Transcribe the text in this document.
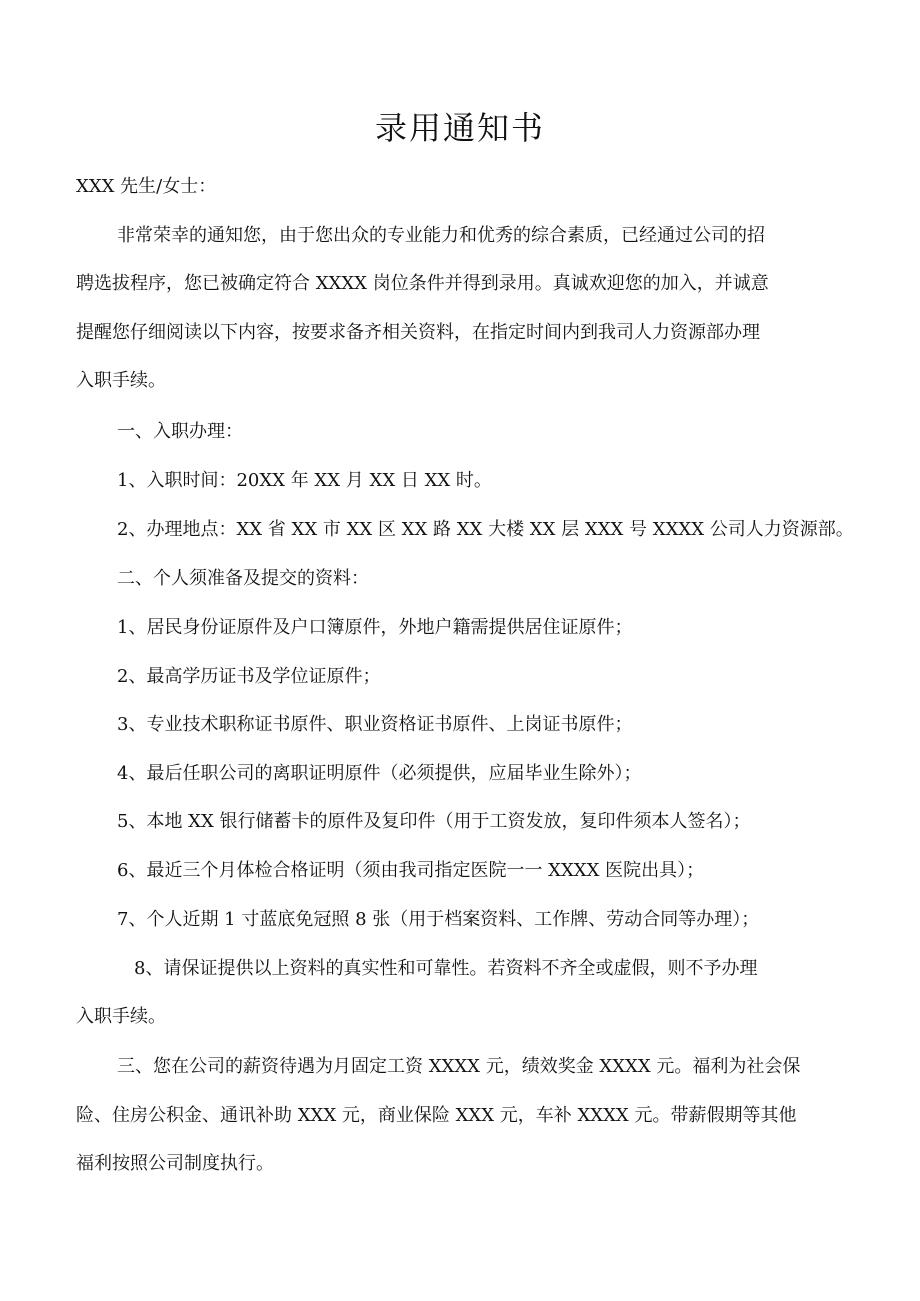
录用通知书
XXX 先生/女士：
非常荣幸的通知您，由于您出众的专业能力和优秀的综合素质，已经通过公司的招
聘选拔程序，您已被确定符合 XXXX 岗位条件并得到录用。真诚欢迎您的加入，并诚意
提醒您仔细阅读以下内容，按要求备齐相关资料，在指定时间内到我司人力资源部办理
入职手续。
一、入职办理：
1、入职时间：20XX 年 XX 月 XX 日 XX 时。
2、办理地点：XX 省 XX 市 XX 区 XX 路 XX 大楼 XX 层 XXX 号 XXXX 公司人力资源部。
二、个人须准备及提交的资料：
1、居民身份证原件及户口簿原件，外地户籍需提供居住证原件；
2、最高学历证书及学位证原件；
3、专业技术职称证书原件、职业资格证书原件、上岗证书原件；
4、最后任职公司的离职证明原件（必须提供，应届毕业生除外）；
5、本地 XX 银行储蓄卡的原件及复印件（用于工资发放，复印件须本人签名）；
6、最近三个月体检合格证明（须由我司指定医院一一 XXXX 医院出具）；
7、个人近期 1 寸蓝底免冠照 8 张（用于档案资料、工作牌、劳动合同等办理）；
8、请保证提供以上资料的真实性和可靠性。若资料不齐全或虚假，则不予办理
入职手续。
三、您在公司的薪资待遇为月固定工资 XXXX 元，绩效奖金 XXXX 元。福利为社会保
险、住房公积金、通讯补助 XXX 元，商业保险 XXX 元，车补 XXXX 元。带薪假期等其他
福利按照公司制度执行。
